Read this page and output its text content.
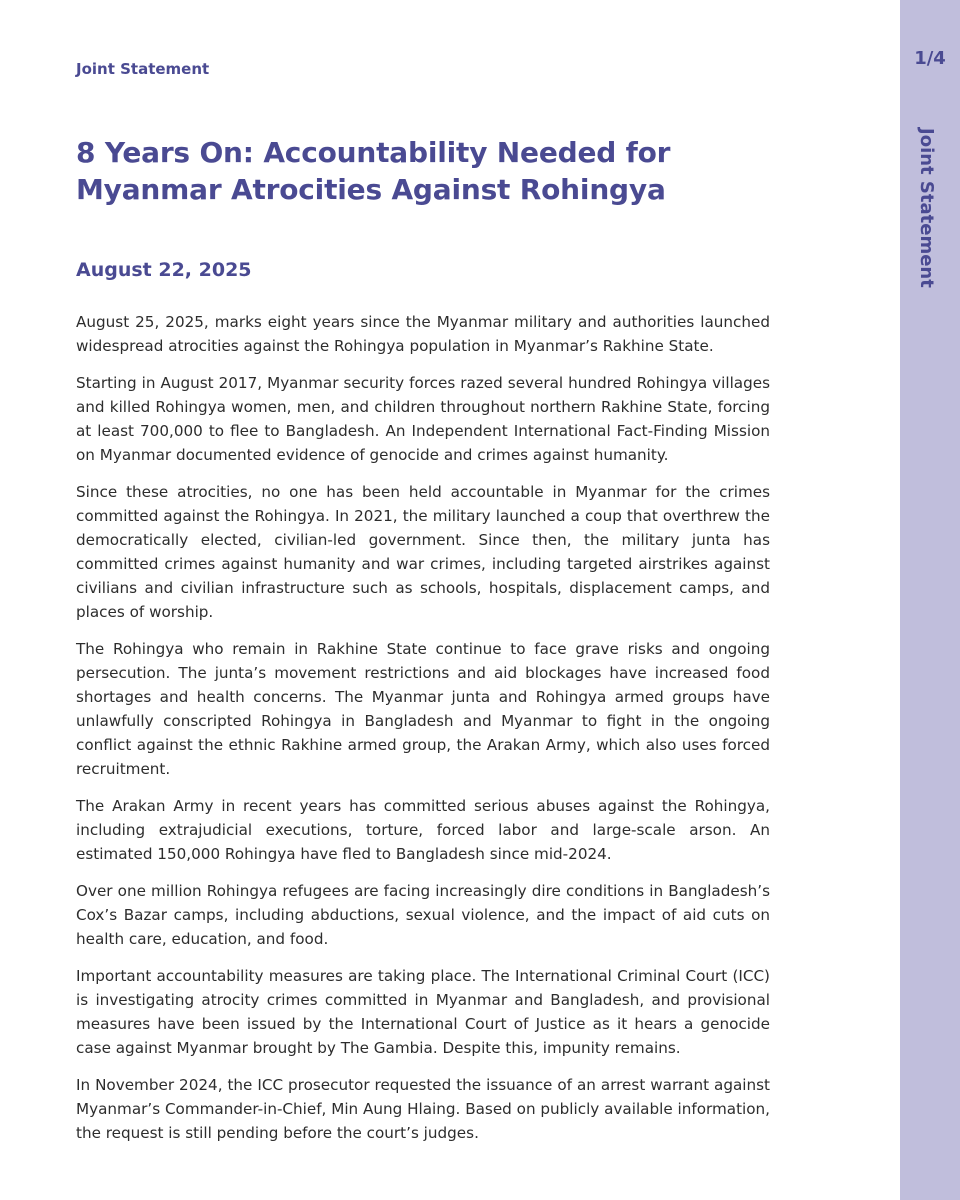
Joint Statement
8 Years On: Accountability Needed for Myanmar Atrocities Against Rohingya
August 22, 2025

August 25, 2025, marks eight years since the Myanmar military and authorities launched widespread atrocities against the Rohingya population in Myanmar’s Rakhine State.

Starting in August 2017, Myanmar security forces razed several hundred Rohingya villages and killed Rohingya women, men, and children throughout northern Rakhine State, forcing at least 700,000 to flee to Bangladesh. An Independent International Fact-Finding Mission on Myanmar documented evidence of genocide and crimes against humanity.

Since these atrocities, no one has been held accountable in Myanmar for the crimes committed against the Rohingya. In 2021, the military launched a coup that overthrew the democratically elected, civilian-led government. Since then, the military junta has committed crimes against humanity and war crimes, including targeted airstrikes against civilians and civilian infrastructure such as schools, hospitals, displacement camps, and places of worship.

The Rohingya who remain in Rakhine State continue to face grave risks and ongoing persecution. The junta’s movement restrictions and aid blockages have increased food shortages and health concerns. The Myanmar junta and Rohingya armed groups have unlawfully conscripted Rohingya in Bangladesh and Myanmar to fight in the ongoing conflict against the ethnic Rakhine armed group, the Arakan Army, which also uses forced recruitment.

The Arakan Army in recent years has committed serious abuses against the Rohingya, including extrajudicial executions, torture, forced labor and large-scale arson. An estimated 150,000 Rohingya have fled to Bangladesh since mid-2024.

Over one million Rohingya refugees are facing increasingly dire conditions in Bangladesh’s Cox’s Bazar camps, including abductions, sexual violence, and the impact of aid cuts on health care, education, and food.

Important accountability measures are taking place. The International Criminal Court (ICC) is investigating atrocity crimes committed in Myanmar and Bangladesh, and provisional measures have been issued by the International Court of Justice as it hears a genocide case against Myanmar brought by The Gambia. Despite this, impunity remains.

In November 2024, the ICC prosecutor requested the issuance of an arrest warrant against Myanmar’s Commander-in-Chief, Min Aung Hlaing. Based on publicly available information, the request is still pending before the court’s judges.

1/4
Joint Statement
